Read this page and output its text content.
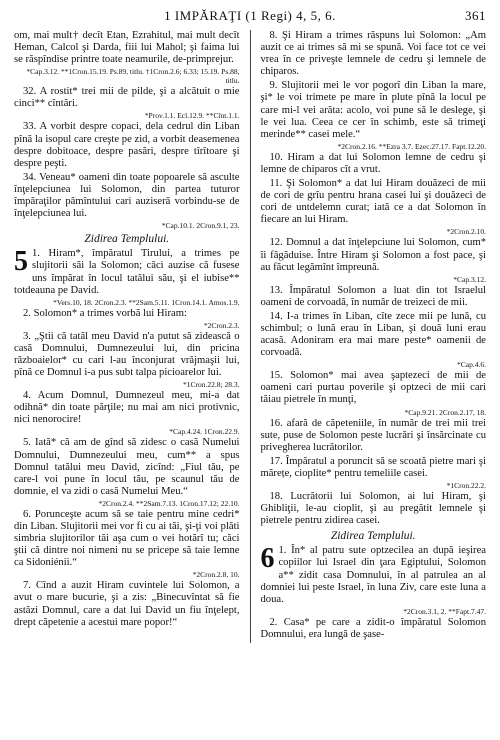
1 IMPĂRAŢI (1 Regi) 4, 5, 6.	361

om, mai mult† decît Etan, Ezrahitul, mai mult decît Heman, Calcol şi Darda, fiii lui Mahol; şi faima lui se răspîndise printre toate neamurile, de-primprejur.

*Cap.3.12. **1Cron.15.19. Ps.89, titlu. †1Cron.2.6; 6.33; 15.19. Ps.88, titlu.

32. A rostit* trei mii de pilde, şi a alcătuit o mie cinci** cîntări.

*Prov.1.1. Ecl.12.9. **Cînt.1.1.

33. A vorbit despre copaci, dela cedrul din Liban pînă la isopul care creşte pe zid, a vorbit deasemenea despre dobitoace, despre pasări, despre tîrîtoare şi despre peşti.

34. Veneau* oameni din toate popoarele să asculte înţelepciunea lui Solomon, din partea tuturor împăraţilor pămîntului cari auziseră vorbindu-se de înţelepciunea lui.

*Cap.10.1. 2Cron.9.1, 23.
Zidirea Templului.
5 1. Hiram*, împăratul Tirului, a trimes pe slujitorii săi la Solomon; căci auzise că fusese uns împărat în locul tatălui său, şi el iubise** totdeauna pe David.

*Vers.10, 18. 2Cron.2.3. **2Sam.5.11. 1Cron.14.1. Amos.1.9.

2. Solomon* a trimes vorbă lui Hiram:

*2Cron.2.3.

3. „Ştii că tatăl meu David n'a putut să zidească o casă Domnului, Dumnezeului lui, din pricina războaielor* cu cari l-au înconjurat vrăjmaşii lui, pînă ce Domnul i-a pus subt talpa picioarelor lui.

*1Cron.22.8; 28.3.

4. Acum Domnul, Dumnezeul meu, mi-a dat odihnă* din toate părţile; nu mai am nici protivnic, nici nenorocire!

*Cap.4.24. 1Cron.22.9.

5. Iată* că am de gînd să zidesc o casă Numelui Domnului, Dumnezeului meu, cum** a spus Domnul tatălui meu David, zicînd: „Fiul tău, pe care-l voi pune în locul tău, pe scaunul tău de domnie, el va zidi o casă Numelui Meu.“

*2Cron.2.4. **2Sam.7.13. 1Cron.17.12; 22.10.

6. Porunceşte acum să se taie pentru mine cedri* din Liban. Slujitorii mei vor fi cu ai tăi, şi-ţi voi plăti simbria slujitorilor tăi aşa cum o vei hotărî tu; căci ştii că dintre noi nimeni nu se pricepe să taie lemne ca Sidoniénii.“

*2Cron.2.8, 10.

7. Cînd a auzit Hiram cuvintele lui Solomon, a avut o mare bucurie, şi a zis: „Binecuvîntat să fie astăzi Domnul, care a dat lui David un fiu înţelept, drept căpetenie a acestui mare popor!“

8. Şi Hiram a trimes răspuns lui Solomon: „Am auzit ce ai trimes să mi se spună. Voi face tot ce vei vrea în ce priveşte lemnele de cedru şi lemnele de chiparos.

9. Slujitorii mei le vor pogorî din Liban la mare, şi* le voi trimete pe mare în plute pînă la locul pe care mi-l vei arăta: acolo, voi pune să le deslege, şi le vei lua. Ceea ce cer în schimb, este să trimeţi merinde** casei mele.“

*2Cron.2.16. **Ezra 3.7. Ezec.27.17. Fapt.12.20.

10. Hiram a dat lui Solomon lemne de cedru şi lemne de chiparos cît a vrut.

11. Şi Solomon* a dat lui Hiram douăzeci de mii de cori de grîu pentru hrana casei lui şi douăzeci de cori de untdelemn curat; iată ce a dat Solomon în fiecare an lui Hiram.

*2Cron.2.10.

12. Domnul a dat înţelepciune lui Solomon, cum* îi făgăduise. Între Hiram şi Solomon a fost pace, şi au făcut legămînt împreună.

*Cap.3.12.

13. Împăratul Solomon a luat din tot Israelul oameni de corvoadă, în număr de treizeci de mii.

14. I-a trimes în Liban, cîte zece mii pe lună, cu schimbul; o lună erau în Liban, şi două luni erau acasă. Adoniram era mai mare peste* oamenii de corvoadă.

*Cap.4.6.

15. Solomon* mai avea şaptezeci de mii de oameni cari purtau poverile şi optzeci de mii cari tăiau pietrele în munţi,

*Cap.9.21. 2Cron.2.17, 18.

16. afară de căpeteniile, în număr de trei mii trei sute, puse de Solomon peste lucrări şi însărcinate cu privegherea lucrătorilor.

17. Împăratul a poruncit să se scoată pietre mari şi mărețe, cioplite* pentru temeliile casei.

*1Cron.22.2.

18. Lucrătorii lui Solomon, ai lui Hiram, şi Ghibliţii, le-au cioplit, şi au pregătit lemnele şi pietrele pentru zidirea casei.

Zidirea Templului.
6 1. În* al patru sute optzecilea an după ieşirea copiilor lui Israel din ţara Egiptului, Solomon a** zidit casa Domnului, în al patrulea an al domniei lui peste Israel, în luna Ziv, care este luna a doua.

*2Cron.3.1, 2. **Fapt.7.47.

2. Casa* pe care a zidit-o împăratul Solomon Domnului, era lungă de şase-
